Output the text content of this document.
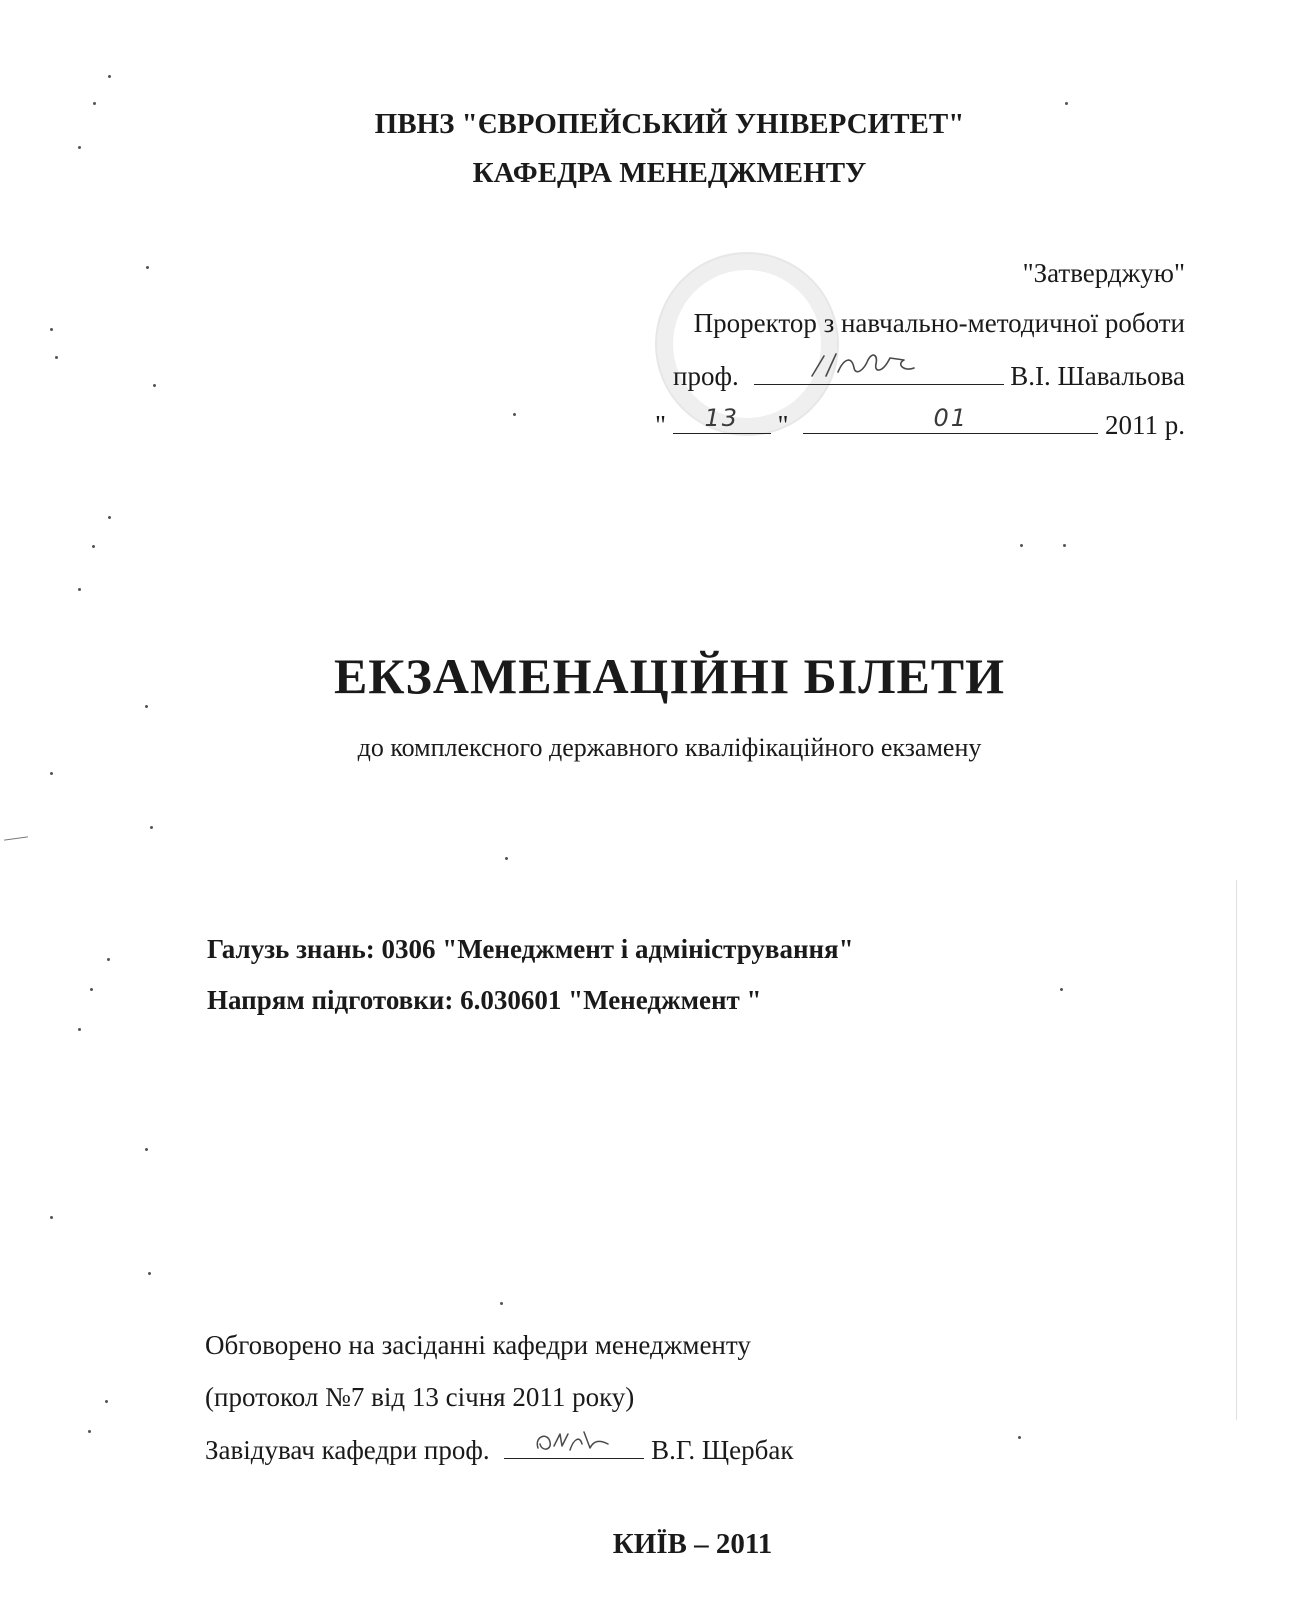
ПВНЗ "ЄВРОПЕЙСЬКИЙ УНІВЕРСИТЕТ"
КАФЕДРА МЕНЕДЖМЕНТУ
"Затверджую"
Проректор з навчально-методичної роботи
проф.	В.І. Шавальова
"	13	"	01	2011 р.
ЕКЗАМЕНАЦІЙНІ БІЛЕТИ
до комплексного державного кваліфікаційного екзамену
Галузь знань: 0306 "Менеджмент і адміністрування"
Напрям підготовки: 6.030601 "Менеджмент "
Обговорено на засіданні кафедри менеджменту
(протокол №7 від 13 січня 2011 року)
Завідувач кафедри проф.	В.Г. Щербак
КИЇВ – 2011
